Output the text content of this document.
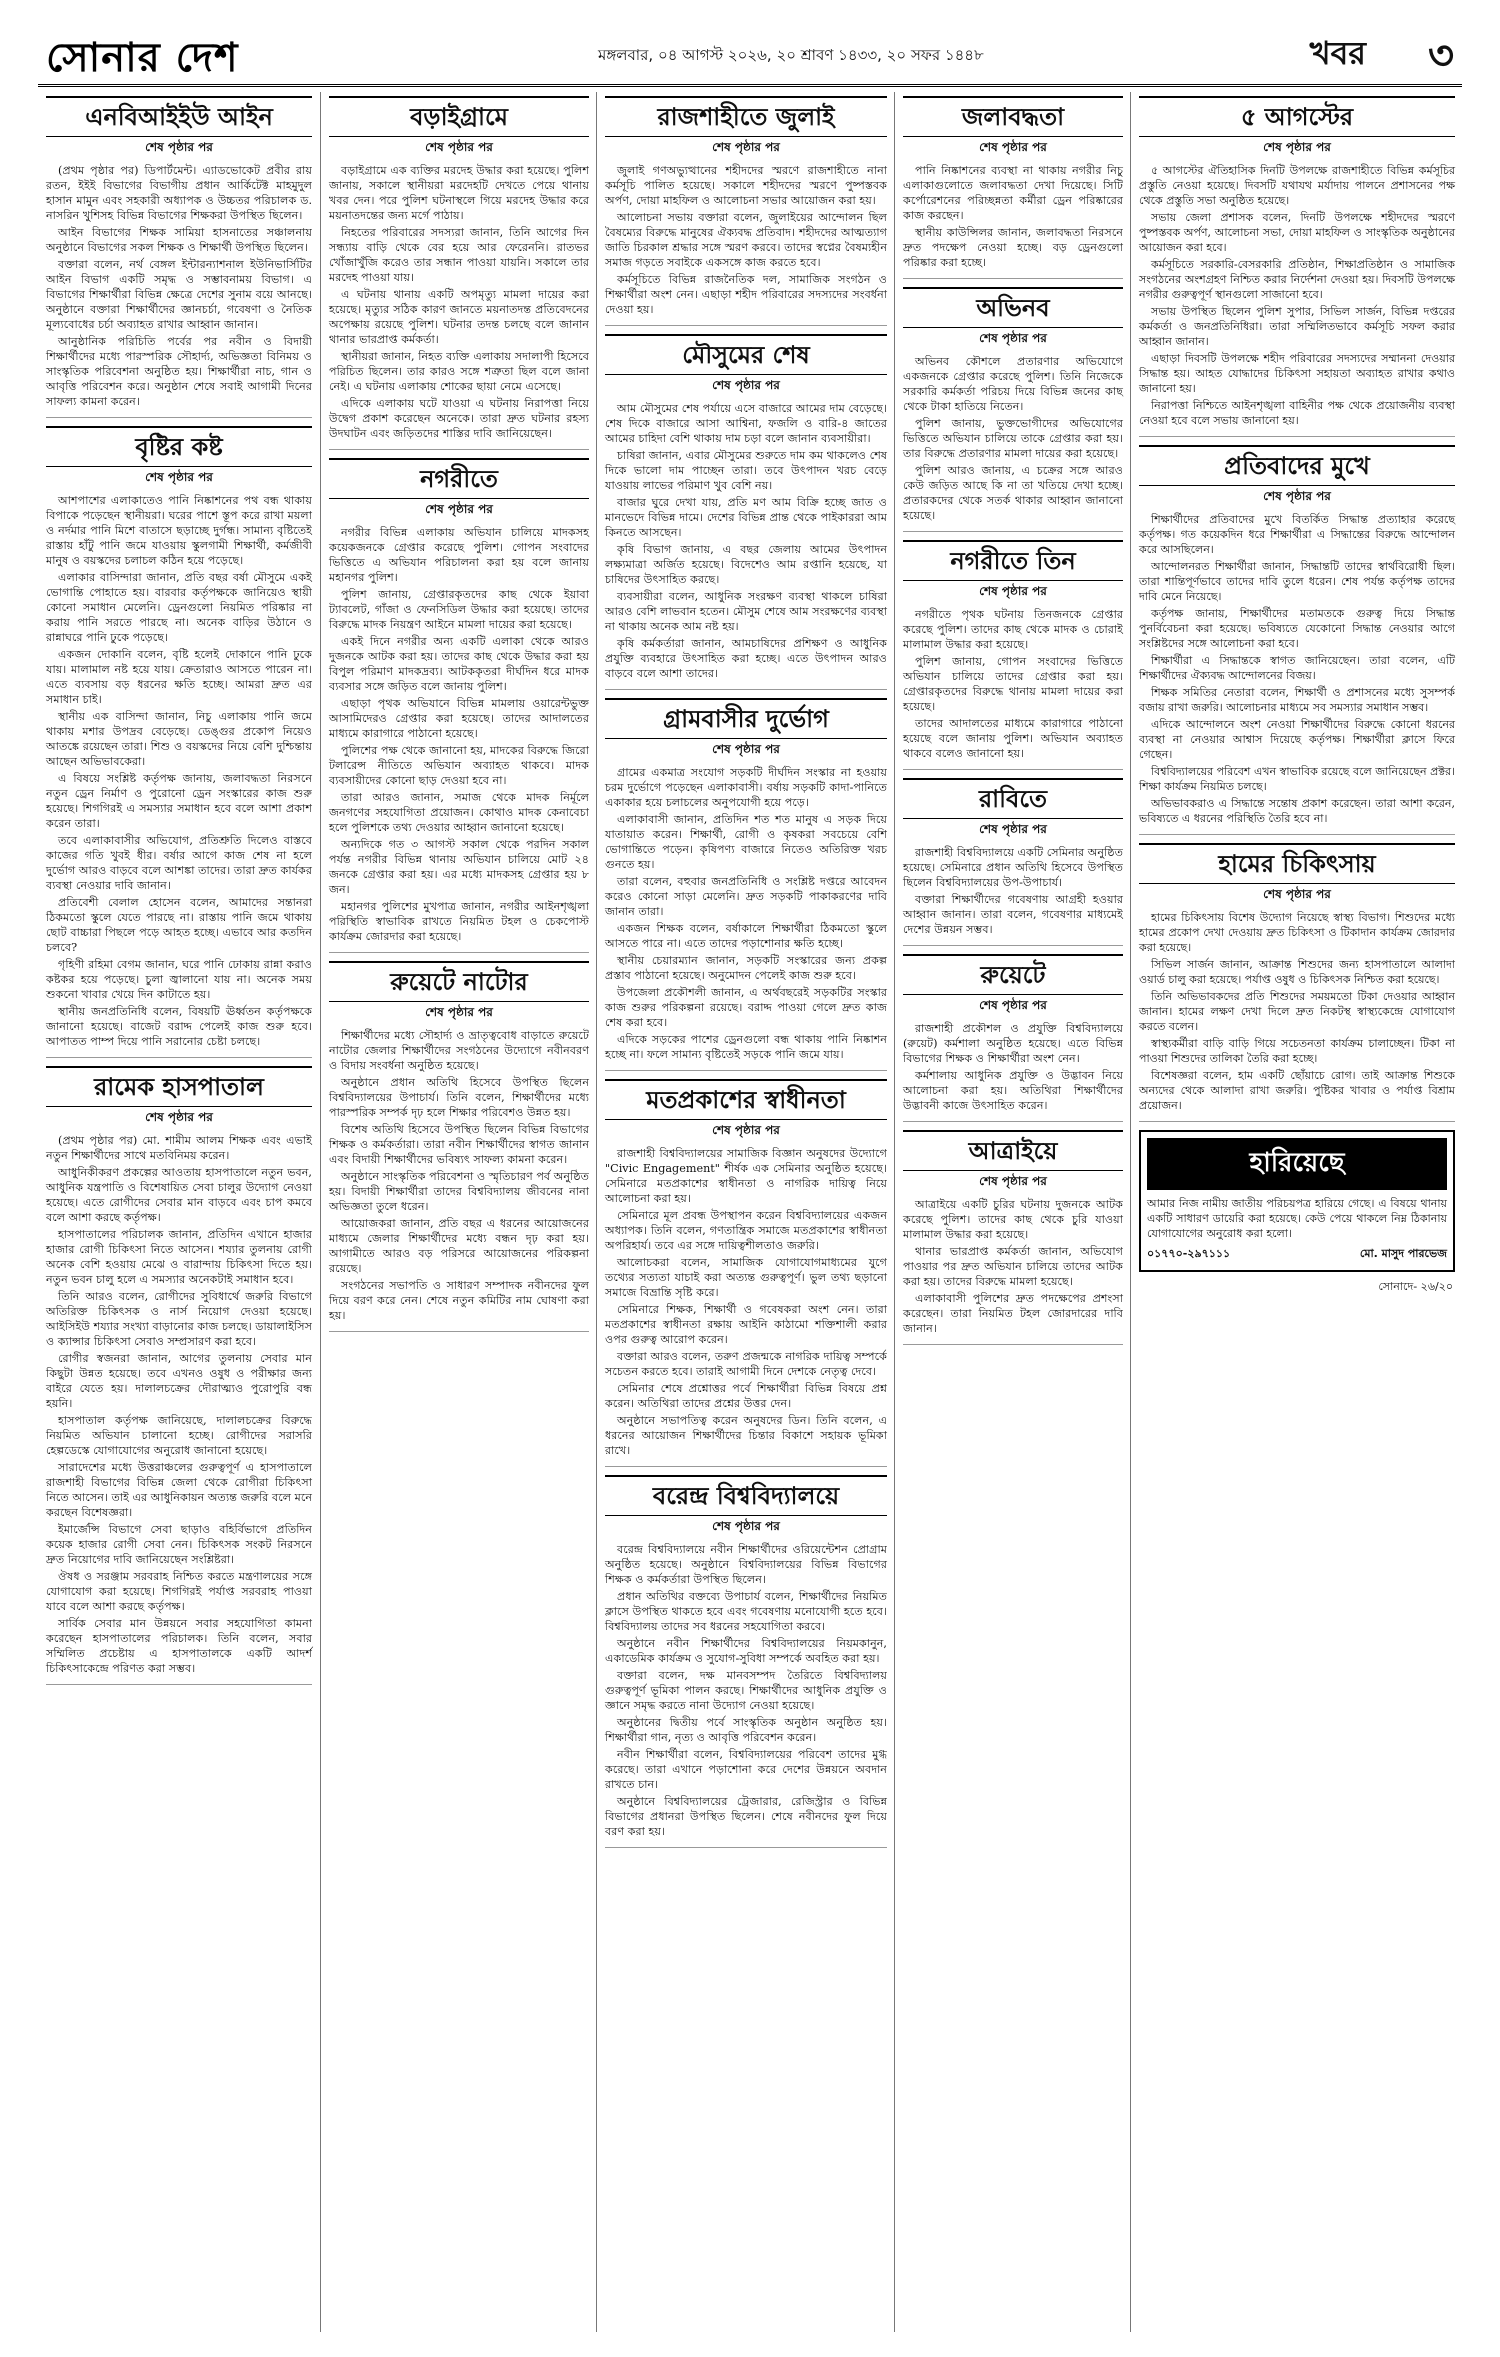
সোনার দেশ	মঙ্গলবার, ০৪ আগস্ট ২০২৬, ২০ শ্রাবণ ১৪৩৩, ২০ সফর ১৪৪৮	খবর ৩
এনবিআইইউ আইন
শেষ পৃষ্ঠার পর

(প্রথম পৃষ্ঠার পর) ডিপার্টমেন্ট। এ্যাডভোকেট প্রবীর রায় রতন, ইইই বিভাগের বিভাগীয় প্রধান আর্কিটেক্ট মাহমুদুল হাসান মামুন এবং সহকারী অধ্যাপক ও উচ্চতর পরিচালক ড. নাসরিন খুশিসহ বিভিন্ন বিভাগের শিক্ষকরা উপস্থিত ছিলেন।

আইন বিভাগের শিক্ষক সামিয়া হাসনাতের সঞ্চালনায় অনুষ্ঠানে বিভাগের সকল শিক্ষক ও শিক্ষার্থী উপস্থিত ছিলেন।

বক্তারা বলেন, নর্থ বেঙ্গল ইন্টারন্যাশনাল ইউনিভার্সিটির আইন বিভাগ একটি সমৃদ্ধ ও সম্ভাবনাময় বিভাগ। এ বিভাগের শিক্ষার্থীরা বিভিন্ন ক্ষেত্রে দেশের সুনাম বয়ে আনছে। অনুষ্ঠানে বক্তারা শিক্ষার্থীদের জ্ঞানচর্চা, গবেষণা ও নৈতিক মূল্যবোধের চর্চা অব্যাহত রাখার আহ্বান জানান।

আনুষ্ঠানিক পরিচিতি পর্বের পর নবীন ও বিদায়ী শিক্ষার্থীদের মধ্যে পারস্পরিক সৌহার্দ্য, অভিজ্ঞতা বিনিময় ও সাংস্কৃতিক পরিবেশনা অনুষ্ঠিত হয়। শিক্ষার্থীরা নাচ, গান ও আবৃত্তি পরিবেশন করে। অনুষ্ঠান শেষে সবাই আগামী দিনের সাফল্য কামনা করেন।

বৃষ্টির কষ্ট
শেষ পৃষ্ঠার পর

আশপাশের এলাকাতেও পানি নিষ্কাশনের পথ বন্ধ থাকায় বিপাকে পড়েছেন স্থানীয়রা। ঘরের পাশে স্তূপ করে রাখা ময়লা ও নর্দমার পানি মিশে বাতাসে ছড়াচ্ছে দুর্গন্ধ। সামান্য বৃষ্টিতেই রাস্তায় হাঁটু পানি জমে যাওয়ায় স্কুলগামী শিক্ষার্থী, কর্মজীবী মানুষ ও বয়স্কদের চলাচল কঠিন হয়ে পড়েছে।

এলাকার বাসিন্দারা জানান, প্রতি বছর বর্ষা মৌসুমে একই ভোগান্তি পোহাতে হয়। বারবার কর্তৃপক্ষকে জানিয়েও স্থায়ী কোনো সমাধান মেলেনি। ড্রেনগুলো নিয়মিত পরিষ্কার না করায় পানি সরতে পারছে না। অনেক বাড়ির উঠানে ও রান্নাঘরে পানি ঢুকে পড়েছে।

একজন দোকানি বলেন, বৃষ্টি হলেই দোকানে পানি ঢুকে যায়। মালামাল নষ্ট হয়ে যায়। ক্রেতারাও আসতে পারেন না। এতে ব্যবসায় বড় ধরনের ক্ষতি হচ্ছে। আমরা দ্রুত এর সমাধান চাই।

স্থানীয় এক বাসিন্দা জানান, নিচু এলাকায় পানি জমে থাকায় মশার উপদ্রব বেড়েছে। ডেঙ্গুর প্রকোপ নিয়েও আতঙ্কে রয়েছেন তারা। শিশু ও বয়স্কদের নিয়ে বেশি দুশ্চিন্তায় আছেন অভিভাবকেরা।

এ বিষয়ে সংশ্লিষ্ট কর্তৃপক্ষ জানায়, জলাবদ্ধতা নিরসনে নতুন ড্রেন নির্মাণ ও পুরোনো ড্রেন সংস্কারের কাজ শুরু হয়েছে। শিগগিরই এ সমস্যার সমাধান হবে বলে আশা প্রকাশ করেন তারা।

তবে এলাকাবাসীর অভিযোগ, প্রতিশ্রুতি দিলেও বাস্তবে কাজের গতি খুবই ধীর। বর্ষার আগে কাজ শেষ না হলে দুর্ভোগ আরও বাড়বে বলে আশঙ্কা তাদের। তারা দ্রুত কার্যকর ব্যবস্থা নেওয়ার দাবি জানান।

প্রতিবেশী বেলাল হোসেন বলেন, আমাদের সন্তানরা ঠিকমতো স্কুলে যেতে পারছে না। রাস্তায় পানি জমে থাকায় ছোট বাচ্চারা পিছলে পড়ে আহত হচ্ছে। এভাবে আর কতদিন চলবে?

গৃহিণী রহিমা বেগম জানান, ঘরে পানি ঢোকায় রান্না করাও কষ্টকর হয়ে পড়েছে। চুলা জ্বালানো যায় না। অনেক সময় শুকনো খাবার খেয়ে দিন কাটাতে হয়।

স্থানীয় জনপ্রতিনিধি বলেন, বিষয়টি ঊর্ধ্বতন কর্তৃপক্ষকে জানানো হয়েছে। বাজেট বরাদ্দ পেলেই কাজ শুরু হবে। আপাতত পাম্প দিয়ে পানি সরানোর চেষ্টা চলছে।

রামেক হাসপাতাল
শেষ পৃষ্ঠার পর

(প্রথম পৃষ্ঠার পর) মো. শামীম আলম শিক্ষক এবং এভাই নতুন শিক্ষার্থীদের সাথে মতবিনিময় করেন।

আধুনিকীকরণ প্রকল্পের আওতায় হাসপাতালে নতুন ভবন, আধুনিক যন্ত্রপাতি ও বিশেষায়িত সেবা চালুর উদ্যোগ নেওয়া হয়েছে। এতে রোগীদের সেবার মান বাড়বে এবং চাপ কমবে বলে আশা করছে কর্তৃপক্ষ।

হাসপাতালের পরিচালক জানান, প্রতিদিন এখানে হাজার হাজার রোগী চিকিৎসা নিতে আসেন। শয্যার তুলনায় রোগী অনেক বেশি হওয়ায় মেঝে ও বারান্দায় চিকিৎসা দিতে হয়। নতুন ভবন চালু হলে এ সমস্যার অনেকটাই সমাধান হবে।

তিনি আরও বলেন, রোগীদের সুবিধার্থে জরুরি বিভাগে অতিরিক্ত চিকিৎসক ও নার্স নিয়োগ দেওয়া হয়েছে। আইসিইউ শয্যার সংখ্যা বাড়ানোর কাজ চলছে। ডায়ালাইসিস ও ক্যান্সার চিকিৎসা সেবাও সম্প্রসারণ করা হবে।

রোগীর স্বজনরা জানান, আগের তুলনায় সেবার মান কিছুটা উন্নত হয়েছে। তবে এখনও ওষুধ ও পরীক্ষার জন্য বাইরে যেতে হয়। দালালচক্রের দৌরাত্ম্যও পুরোপুরি বন্ধ হয়নি।

হাসপাতাল কর্তৃপক্ষ জানিয়েছে, দালালচক্রের বিরুদ্ধে নিয়মিত অভিযান চালানো হচ্ছে। রোগীদের সরাসরি হেল্পডেস্কে যোগাযোগের অনুরোধ জানানো হয়েছে।

সারাদেশের মধ্যে উত্তরাঞ্চলের গুরুত্বপূর্ণ এ হাসপাতালে রাজশাহী বিভাগের বিভিন্ন জেলা থেকে রোগীরা চিকিৎসা নিতে আসেন। তাই এর আধুনিকায়ন অত্যন্ত জরুরি বলে মনে করছেন বিশেষজ্ঞরা।

ইমার্জেন্সি বিভাগে সেবা ছাড়াও বহির্বিভাগে প্রতিদিন কয়েক হাজার রোগী সেবা নেন। চিকিৎসক সংকট নিরসনে দ্রুত নিয়োগের দাবি জানিয়েছেন সংশ্লিষ্টরা।

ঔষধ ও সরঞ্জাম সরবরাহ নিশ্চিত করতে মন্ত্রণালয়ের সঙ্গে যোগাযোগ করা হয়েছে। শিগগিরই পর্যাপ্ত সরবরাহ পাওয়া যাবে বলে আশা করছে কর্তৃপক্ষ।

সার্বিক সেবার মান উন্নয়নে সবার সহযোগিতা কামনা করেছেন হাসপাতালের পরিচালক। তিনি বলেন, সবার সম্মিলিত প্রচেষ্টায় এ হাসপাতালকে একটি আদর্শ চিকিৎসাকেন্দ্রে পরিণত করা সম্ভব।

বড়াইগ্রামে
শেষ পৃষ্ঠার পর

বড়াইগ্রামে এক ব্যক্তির মরদেহ উদ্ধার করা হয়েছে। পুলিশ জানায়, সকালে স্থানীয়রা মরদেহটি দেখতে পেয়ে থানায় খবর দেন। পরে পুলিশ ঘটনাস্থলে গিয়ে মরদেহ উদ্ধার করে ময়নাতদন্তের জন্য মর্গে পাঠায়।

নিহতের পরিবারের সদস্যরা জানান, তিনি আগের দিন সন্ধ্যায় বাড়ি থেকে বের হয়ে আর ফেরেননি। রাতভর খোঁজাখুঁজি করেও তার সন্ধান পাওয়া যায়নি। সকালে তার মরদেহ পাওয়া যায়।

এ ঘটনায় থানায় একটি অপমৃত্যু মামলা দায়ের করা হয়েছে। মৃত্যুর সঠিক কারণ জানতে ময়নাতদন্ত প্রতিবেদনের অপেক্ষায় রয়েছে পুলিশ। ঘটনার তদন্ত চলছে বলে জানান থানার ভারপ্রাপ্ত কর্মকর্তা।

স্থানীয়রা জানান, নিহত ব্যক্তি এলাকায় সদালাপী হিসেবে পরিচিত ছিলেন। তার কারও সঙ্গে শত্রুতা ছিল বলে জানা নেই। এ ঘটনায় এলাকায় শোকের ছায়া নেমে এসেছে।

এদিকে এলাকায় ঘটে যাওয়া এ ঘটনায় নিরাপত্তা নিয়ে উদ্বেগ প্রকাশ করেছেন অনেকে। তারা দ্রুত ঘটনার রহস্য উদঘাটন এবং জড়িতদের শাস্তির দাবি জানিয়েছেন।

নগরীতে
শেষ পৃষ্ঠার পর

নগরীর বিভিন্ন এলাকায় অভিযান চালিয়ে মাদকসহ কয়েকজনকে গ্রেপ্তার করেছে পুলিশ। গোপন সংবাদের ভিত্তিতে এ অভিযান পরিচালনা করা হয় বলে জানায় মহানগর পুলিশ।

পুলিশ জানায়, গ্রেপ্তারকৃতদের কাছ থেকে ইয়াবা ট্যাবলেট, গাঁজা ও ফেনসিডিল উদ্ধার করা হয়েছে। তাদের বিরুদ্ধে মাদক নিয়ন্ত্রণ আইনে মামলা দায়ের করা হয়েছে।

একই দিনে নগরীর অন্য একটি এলাকা থেকে আরও দুজনকে আটক করা হয়। তাদের কাছ থেকে উদ্ধার করা হয় বিপুল পরিমাণ মাদকদ্রব্য। আটককৃতরা দীর্ঘদিন ধরে মাদক ব্যবসার সঙ্গে জড়িত বলে জানায় পুলিশ।

এছাড়া পৃথক অভিযানে বিভিন্ন মামলায় ওয়ারেন্টভুক্ত আসামিদেরও গ্রেপ্তার করা হয়েছে। তাদের আদালতের মাধ্যমে কারাগারে পাঠানো হয়েছে।

পুলিশের পক্ষ থেকে জানানো হয়, মাদকের বিরুদ্ধে জিরো টলারেন্স নীতিতে অভিযান অব্যাহত থাকবে। মাদক ব্যবসায়ীদের কোনো ছাড় দেওয়া হবে না।

তারা আরও জানান, সমাজ থেকে মাদক নির্মূলে জনগণের সহযোগিতা প্রয়োজন। কোথাও মাদক কেনাবেচা হলে পুলিশকে তথ্য দেওয়ার আহ্বান জানানো হয়েছে।

অন্যদিকে গত ৩ আগস্ট সকাল থেকে পরদিন সকাল পর্যন্ত নগরীর বিভিন্ন থানায় অভিযান চালিয়ে মোট ২৪ জনকে গ্রেপ্তার করা হয়। এর মধ্যে মাদকসহ গ্রেপ্তার হয় ৮ জন।

মহানগর পুলিশের মুখপাত্র জানান, নগরীর আইনশৃঙ্খলা পরিস্থিতি স্বাভাবিক রাখতে নিয়মিত টহল ও চেকপোস্ট কার্যক্রম জোরদার করা হয়েছে।

রুয়েটে নাটোর
শেষ পৃষ্ঠার পর

শিক্ষার্থীদের মধ্যে সৌহার্দ্য ও ভ্রাতৃত্ববোধ বাড়াতে রুয়েটে নাটোর জেলার শিক্ষার্থীদের সংগঠনের উদ্যোগে নবীনবরণ ও বিদায় সংবর্ধনা অনুষ্ঠিত হয়েছে।

অনুষ্ঠানে প্রধান অতিথি হিসেবে উপস্থিত ছিলেন বিশ্ববিদ্যালয়ের উপাচার্য। তিনি বলেন, শিক্ষার্থীদের মধ্যে পারস্পরিক সম্পর্ক দৃঢ় হলে শিক্ষার পরিবেশও উন্নত হয়।

বিশেষ অতিথি হিসেবে উপস্থিত ছিলেন বিভিন্ন বিভাগের শিক্ষক ও কর্মকর্তারা। তারা নবীন শিক্ষার্থীদের স্বাগত জানান এবং বিদায়ী শিক্ষার্থীদের ভবিষ্যৎ সাফল্য কামনা করেন।

অনুষ্ঠানে সাংস্কৃতিক পরিবেশনা ও স্মৃতিচারণ পর্ব অনুষ্ঠিত হয়। বিদায়ী শিক্ষার্থীরা তাদের বিশ্ববিদ্যালয় জীবনের নানা অভিজ্ঞতা তুলে ধরেন।

আয়োজকরা জানান, প্রতি বছর এ ধরনের আয়োজনের মাধ্যমে জেলার শিক্ষার্থীদের মধ্যে বন্ধন দৃঢ় করা হয়। আগামীতে আরও বড় পরিসরে আয়োজনের পরিকল্পনা রয়েছে।

সংগঠনের সভাপতি ও সাধারণ সম্পাদক নবীনদের ফুল দিয়ে বরণ করে নেন। শেষে নতুন কমিটির নাম ঘোষণা করা হয়।

রাজশাহীতে জুলাই
শেষ পৃষ্ঠার পর

জুলাই গণঅভ্যুত্থানের শহীদদের স্মরণে রাজশাহীতে নানা কর্মসূচি পালিত হয়েছে। সকালে শহীদদের স্মরণে পুষ্পস্তবক অর্পণ, দোয়া মাহফিল ও আলোচনা সভার আয়োজন করা হয়।

আলোচনা সভায় বক্তারা বলেন, জুলাইয়ের আন্দোলন ছিল বৈষম্যের বিরুদ্ধে মানুষের ঐক্যবদ্ধ প্রতিবাদ। শহীদদের আত্মত্যাগ জাতি চিরকাল শ্রদ্ধার সঙ্গে স্মরণ করবে। তাদের স্বপ্নের বৈষম্যহীন সমাজ গড়তে সবাইকে একসঙ্গে কাজ করতে হবে।

কর্মসূচিতে বিভিন্ন রাজনৈতিক দল, সামাজিক সংগঠন ও শিক্ষার্থীরা অংশ নেন। এছাড়া শহীদ পরিবারের সদস্যদের সংবর্ধনা দেওয়া হয়।

মৌসুমের শেষ
শেষ পৃষ্ঠার পর

আম মৌসুমের শেষ পর্যায়ে এসে বাজারে আমের দাম বেড়েছে। শেষ দিকে বাজারে আসা আশ্বিনা, ফজলি ও বারি-৪ জাতের আমের চাহিদা বেশি থাকায় দাম চড়া বলে জানান ব্যবসায়ীরা।

চাষিরা জানান, এবার মৌসুমের শুরুতে দাম কম থাকলেও শেষ দিকে ভালো দাম পাচ্ছেন তারা। তবে উৎপাদন খরচ বেড়ে যাওয়ায় লাভের পরিমাণ খুব বেশি নয়।

বাজার ঘুরে দেখা যায়, প্রতি মণ আম বিক্রি হচ্ছে জাত ও মানভেদে বিভিন্ন দামে। দেশের বিভিন্ন প্রান্ত থেকে পাইকাররা আম কিনতে আসছেন।

কৃষি বিভাগ জানায়, এ বছর জেলায় আমের উৎপাদন লক্ষ্যমাত্রা অর্জিত হয়েছে। বিদেশেও আম রপ্তানি হয়েছে, যা চাষিদের উৎসাহিত করছে।

ব্যবসায়ীরা বলেন, আধুনিক সংরক্ষণ ব্যবস্থা থাকলে চাষিরা আরও বেশি লাভবান হতেন। মৌসুম শেষে আম সংরক্ষণের ব্যবস্থা না থাকায় অনেক আম নষ্ট হয়।

কৃষি কর্মকর্তারা জানান, আমচাষিদের প্রশিক্ষণ ও আধুনিক প্রযুক্তি ব্যবহারে উৎসাহিত করা হচ্ছে। এতে উৎপাদন আরও বাড়বে বলে আশা তাদের।

গ্রামবাসীর দুর্ভোগ
শেষ পৃষ্ঠার পর

গ্রামের একমাত্র সংযোগ সড়কটি দীর্ঘদিন সংস্কার না হওয়ায় চরম দুর্ভোগে পড়েছেন এলাকাবাসী। বর্ষায় সড়কটি কাদা-পানিতে একাকার হয়ে চলাচলের অনুপযোগী হয়ে পড়ে।

এলাকাবাসী জানান, প্রতিদিন শত শত মানুষ এ সড়ক দিয়ে যাতায়াত করেন। শিক্ষার্থী, রোগী ও কৃষকরা সবচেয়ে বেশি ভোগান্তিতে পড়েন। কৃষিপণ্য বাজারে নিতেও অতিরিক্ত খরচ গুনতে হয়।

তারা বলেন, বহুবার জনপ্রতিনিধি ও সংশ্লিষ্ট দপ্তরে আবেদন করেও কোনো সাড়া মেলেনি। দ্রুত সড়কটি পাকাকরণের দাবি জানান তারা।

একজন শিক্ষক বলেন, বর্ষাকালে শিক্ষার্থীরা ঠিকমতো স্কুলে আসতে পারে না। এতে তাদের পড়াশোনার ক্ষতি হচ্ছে।

স্থানীয় চেয়ারম্যান জানান, সড়কটি সংস্কারের জন্য প্রকল্প প্রস্তাব পাঠানো হয়েছে। অনুমোদন পেলেই কাজ শুরু হবে।

উপজেলা প্রকৌশলী জানান, এ অর্থবছরেই সড়কটির সংস্কার কাজ শুরুর পরিকল্পনা রয়েছে। বরাদ্দ পাওয়া গেলে দ্রুত কাজ শেষ করা হবে।

এদিকে সড়কের পাশের ড্রেনগুলো বন্ধ থাকায় পানি নিষ্কাশন হচ্ছে না। ফলে সামান্য বৃষ্টিতেই সড়কে পানি জমে যায়।

মতপ্রকাশের স্বাধীনতা
শেষ পৃষ্ঠার পর

রাজশাহী বিশ্ববিদ্যালয়ের সামাজিক বিজ্ঞান অনুষদের উদ্যোগে "Civic Engagement" শীর্ষক এক সেমিনার অনুষ্ঠিত হয়েছে। সেমিনারে মতপ্রকাশের স্বাধীনতা ও নাগরিক দায়িত্ব নিয়ে আলোচনা করা হয়।

সেমিনারে মূল প্রবন্ধ উপস্থাপন করেন বিশ্ববিদ্যালয়ের একজন অধ্যাপক। তিনি বলেন, গণতান্ত্রিক সমাজে মতপ্রকাশের স্বাধীনতা অপরিহার্য। তবে এর সঙ্গে দায়িত্বশীলতাও জরুরি।

আলোচকরা বলেন, সামাজিক যোগাযোগমাধ্যমের যুগে তথ্যের সত্যতা যাচাই করা অত্যন্ত গুরুত্বপূর্ণ। ভুল তথ্য ছড়ানো সমাজে বিভ্রান্তি সৃষ্টি করে।

সেমিনারে শিক্ষক, শিক্ষার্থী ও গবেষকরা অংশ নেন। তারা মতপ্রকাশের স্বাধীনতা রক্ষায় আইনি কাঠামো শক্তিশালী করার ওপর গুরুত্ব আরোপ করেন।

বক্তারা আরও বলেন, তরুণ প্রজন্মকে নাগরিক দায়িত্ব সম্পর্কে সচেতন করতে হবে। তারাই আগামী দিনে দেশকে নেতৃত্ব দেবে।

সেমিনার শেষে প্রশ্নোত্তর পর্বে শিক্ষার্থীরা বিভিন্ন বিষয়ে প্রশ্ন করেন। অতিথিরা তাদের প্রশ্নের উত্তর দেন।

অনুষ্ঠানে সভাপতিত্ব করেন অনুষদের ডিন। তিনি বলেন, এ ধরনের আয়োজন শিক্ষার্থীদের চিন্তার বিকাশে সহায়ক ভূমিকা রাখে।

বরেন্দ্র বিশ্ববিদ্যালয়ে
শেষ পৃষ্ঠার পর

বরেন্দ্র বিশ্ববিদ্যালয়ে নবীন শিক্ষার্থীদের ওরিয়েন্টেশন প্রোগ্রাম অনুষ্ঠিত হয়েছে। অনুষ্ঠানে বিশ্ববিদ্যালয়ের বিভিন্ন বিভাগের শিক্ষক ও কর্মকর্তারা উপস্থিত ছিলেন।

প্রধান অতিথির বক্তব্যে উপাচার্য বলেন, শিক্ষার্থীদের নিয়মিত ক্লাসে উপস্থিত থাকতে হবে এবং গবেষণায় মনোযোগী হতে হবে। বিশ্ববিদ্যালয় তাদের সব ধরনের সহযোগিতা করবে।

অনুষ্ঠানে নবীন শিক্ষার্থীদের বিশ্ববিদ্যালয়ের নিয়মকানুন, একাডেমিক কার্যক্রম ও সুযোগ-সুবিধা সম্পর্কে অবহিত করা হয়।

বক্তারা বলেন, দক্ষ মানবসম্পদ তৈরিতে বিশ্ববিদ্যালয় গুরুত্বপূর্ণ ভূমিকা পালন করছে। শিক্ষার্থীদের আধুনিক প্রযুক্তি ও জ্ঞানে সমৃদ্ধ করতে নানা উদ্যোগ নেওয়া হয়েছে।

অনুষ্ঠানের দ্বিতীয় পর্বে সাংস্কৃতিক অনুষ্ঠান অনুষ্ঠিত হয়। শিক্ষার্থীরা গান, নৃত্য ও আবৃত্তি পরিবেশন করেন।

নবীন শিক্ষার্থীরা বলেন, বিশ্ববিদ্যালয়ের পরিবেশ তাদের মুগ্ধ করেছে। তারা এখানে পড়াশোনা করে দেশের উন্নয়নে অবদান রাখতে চান।

অনুষ্ঠানে বিশ্ববিদ্যালয়ের ট্রেজারার, রেজিস্ট্রার ও বিভিন্ন বিভাগের প্রধানরা উপস্থিত ছিলেন। শেষে নবীনদের ফুল দিয়ে বরণ করা হয়।

জলাবদ্ধতা
শেষ পৃষ্ঠার পর

পানি নিষ্কাশনের ব্যবস্থা না থাকায় নগরীর নিচু এলাকাগুলোতে জলাবদ্ধতা দেখা দিয়েছে। সিটি কর্পোরেশনের পরিচ্ছন্নতা কর্মীরা ড্রেন পরিষ্কারের কাজ করছেন।

স্থানীয় কাউন্সিলর জানান, জলাবদ্ধতা নিরসনে দ্রুত পদক্ষেপ নেওয়া হচ্ছে। বড় ড্রেনগুলো পরিষ্কার করা হচ্ছে।

অভিনব
শেষ পৃষ্ঠার পর

অভিনব কৌশলে প্রতারণার অভিযোগে একজনকে গ্রেপ্তার করেছে পুলিশ। তিনি নিজেকে সরকারি কর্মকর্তা পরিচয় দিয়ে বিভিন্ন জনের কাছ থেকে টাকা হাতিয়ে নিতেন।

পুলিশ জানায়, ভুক্তভোগীদের অভিযোগের ভিত্তিতে অভিযান চালিয়ে তাকে গ্রেপ্তার করা হয়। তার বিরুদ্ধে প্রতারণার মামলা দায়ের করা হয়েছে।

পুলিশ আরও জানায়, এ চক্রের সঙ্গে আরও কেউ জড়িত আছে কি না তা খতিয়ে দেখা হচ্ছে। প্রতারকদের থেকে সতর্ক থাকার আহ্বান জানানো হয়েছে।

নগরীতে তিন
শেষ পৃষ্ঠার পর

নগরীতে পৃথক ঘটনায় তিনজনকে গ্রেপ্তার করেছে পুলিশ। তাদের কাছ থেকে মাদক ও চোরাই মালামাল উদ্ধার করা হয়েছে।

পুলিশ জানায়, গোপন সংবাদের ভিত্তিতে অভিযান চালিয়ে তাদের গ্রেপ্তার করা হয়। গ্রেপ্তারকৃতদের বিরুদ্ধে থানায় মামলা দায়ের করা হয়েছে।

তাদের আদালতের মাধ্যমে কারাগারে পাঠানো হয়েছে বলে জানায় পুলিশ। অভিযান অব্যাহত থাকবে বলেও জানানো হয়।

রাবিতে
শেষ পৃষ্ঠার পর

রাজশাহী বিশ্ববিদ্যালয়ে একটি সেমিনার অনুষ্ঠিত হয়েছে। সেমিনারে প্রধান অতিথি হিসেবে উপস্থিত ছিলেন বিশ্ববিদ্যালয়ের উপ-উপাচার্য।

বক্তারা শিক্ষার্থীদের গবেষণায় আগ্রহী হওয়ার আহ্বান জানান। তারা বলেন, গবেষণার মাধ্যমেই দেশের উন্নয়ন সম্ভব।

রুয়েটে
শেষ পৃষ্ঠার পর

রাজশাহী প্রকৌশল ও প্রযুক্তি বিশ্ববিদ্যালয়ে (রুয়েট) কর্মশালা অনুষ্ঠিত হয়েছে। এতে বিভিন্ন বিভাগের শিক্ষক ও শিক্ষার্থীরা অংশ নেন।

কর্মশালায় আধুনিক প্রযুক্তি ও উদ্ভাবন নিয়ে আলোচনা করা হয়। অতিথিরা শিক্ষার্থীদের উদ্ভাবনী কাজে উৎসাহিত করেন।

আত্রাইয়ে
শেষ পৃষ্ঠার পর

আত্রাইয়ে একটি চুরির ঘটনায় দুজনকে আটক করেছে পুলিশ। তাদের কাছ থেকে চুরি যাওয়া মালামাল উদ্ধার করা হয়েছে।

থানার ভারপ্রাপ্ত কর্মকর্তা জানান, অভিযোগ পাওয়ার পর দ্রুত অভিযান চালিয়ে তাদের আটক করা হয়। তাদের বিরুদ্ধে মামলা হয়েছে।

এলাকাবাসী পুলিশের দ্রুত পদক্ষেপের প্রশংসা করেছেন। তারা নিয়মিত টহল জোরদারের দাবি জানান।

৫ আগস্টের
শেষ পৃষ্ঠার পর

৫ আগস্টের ঐতিহাসিক দিনটি উপলক্ষে রাজশাহীতে বিভিন্ন কর্মসূচির প্রস্তুতি নেওয়া হয়েছে। দিবসটি যথাযথ মর্যাদায় পালনে প্রশাসনের পক্ষ থেকে প্রস্তুতি সভা অনুষ্ঠিত হয়েছে।

সভায় জেলা প্রশাসক বলেন, দিনটি উপলক্ষে শহীদদের স্মরণে পুষ্পস্তবক অর্পণ, আলোচনা সভা, দোয়া মাহফিল ও সাংস্কৃতিক অনুষ্ঠানের আয়োজন করা হবে।

কর্মসূচিতে সরকারি-বেসরকারি প্রতিষ্ঠান, শিক্ষাপ্রতিষ্ঠান ও সামাজিক সংগঠনের অংশগ্রহণ নিশ্চিত করার নির্দেশনা দেওয়া হয়। দিবসটি উপলক্ষে নগরীর গুরুত্বপূর্ণ স্থানগুলো সাজানো হবে।

সভায় উপস্থিত ছিলেন পুলিশ সুপার, সিভিল সার্জন, বিভিন্ন দপ্তরের কর্মকর্তা ও জনপ্রতিনিধিরা। তারা সম্মিলিতভাবে কর্মসূচি সফল করার আহ্বান জানান।

এছাড়া দিবসটি উপলক্ষে শহীদ পরিবারের সদস্যদের সম্মাননা দেওয়ার সিদ্ধান্ত হয়। আহত যোদ্ধাদের চিকিৎসা সহায়তা অব্যাহত রাখার কথাও জানানো হয়।

নিরাপত্তা নিশ্চিতে আইনশৃঙ্খলা বাহিনীর পক্ষ থেকে প্রয়োজনীয় ব্যবস্থা নেওয়া হবে বলে সভায় জানানো হয়।

প্রতিবাদের মুখে
শেষ পৃষ্ঠার পর

শিক্ষার্থীদের প্রতিবাদের মুখে বিতর্কিত সিদ্ধান্ত প্রত্যাহার করেছে কর্তৃপক্ষ। গত কয়েকদিন ধরে শিক্ষার্থীরা এ সিদ্ধান্তের বিরুদ্ধে আন্দোলন করে আসছিলেন।

আন্দোলনরত শিক্ষার্থীরা জানান, সিদ্ধান্তটি তাদের স্বার্থবিরোধী ছিল। তারা শান্তিপূর্ণভাবে তাদের দাবি তুলে ধরেন। শেষ পর্যন্ত কর্তৃপক্ষ তাদের দাবি মেনে নিয়েছে।

কর্তৃপক্ষ জানায়, শিক্ষার্থীদের মতামতকে গুরুত্ব দিয়ে সিদ্ধান্ত পুনর্বিবেচনা করা হয়েছে। ভবিষ্যতে যেকোনো সিদ্ধান্ত নেওয়ার আগে সংশ্লিষ্টদের সঙ্গে আলোচনা করা হবে।

শিক্ষার্থীরা এ সিদ্ধান্তকে স্বাগত জানিয়েছেন। তারা বলেন, এটি শিক্ষার্থীদের ঐক্যবদ্ধ আন্দোলনের বিজয়।

শিক্ষক সমিতির নেতারা বলেন, শিক্ষার্থী ও প্রশাসনের মধ্যে সুসম্পর্ক বজায় রাখা জরুরি। আলোচনার মাধ্যমে সব সমস্যার সমাধান সম্ভব।

এদিকে আন্দোলনে অংশ নেওয়া শিক্ষার্থীদের বিরুদ্ধে কোনো ধরনের ব্যবস্থা না নেওয়ার আশ্বাস দিয়েছে কর্তৃপক্ষ। শিক্ষার্থীরা ক্লাসে ফিরে গেছেন।

বিশ্ববিদ্যালয়ের পরিবেশ এখন স্বাভাবিক রয়েছে বলে জানিয়েছেন প্রক্টর। শিক্ষা কার্যক্রম নিয়মিত চলছে।

অভিভাবকরাও এ সিদ্ধান্তে সন্তোষ প্রকাশ করেছেন। তারা আশা করেন, ভবিষ্যতে এ ধরনের পরিস্থিতি তৈরি হবে না।

হামের চিকিৎসায়
শেষ পৃষ্ঠার পর

হামের চিকিৎসায় বিশেষ উদ্যোগ নিয়েছে স্বাস্থ্য বিভাগ। শিশুদের মধ্যে হামের প্রকোপ দেখা দেওয়ায় দ্রুত চিকিৎসা ও টিকাদান কার্যক্রম জোরদার করা হয়েছে।

সিভিল সার্জন জানান, আক্রান্ত শিশুদের জন্য হাসপাতালে আলাদা ওয়ার্ড চালু করা হয়েছে। পর্যাপ্ত ওষুধ ও চিকিৎসক নিশ্চিত করা হয়েছে।

তিনি অভিভাবকদের প্রতি শিশুদের সময়মতো টিকা দেওয়ার আহ্বান জানান। হামের লক্ষণ দেখা দিলে দ্রুত নিকটস্থ স্বাস্থ্যকেন্দ্রে যোগাযোগ করতে বলেন।

স্বাস্থ্যকর্মীরা বাড়ি বাড়ি গিয়ে সচেতনতা কার্যক্রম চালাচ্ছেন। টিকা না পাওয়া শিশুদের তালিকা তৈরি করা হচ্ছে।

বিশেষজ্ঞরা বলেন, হাম একটি ছোঁয়াচে রোগ। তাই আক্রান্ত শিশুকে অন্যদের থেকে আলাদা রাখা জরুরি। পুষ্টিকর খাবার ও পর্যাপ্ত বিশ্রাম প্রয়োজন।

হারিয়েছে
আমার নিজ নামীয় জাতীয় পরিচয়পত্র হারিয়ে গেছে। এ বিষয়ে থানায় একটি সাধারণ ডায়েরি করা হয়েছে। কেউ পেয়ে থাকলে নিম্ন ঠিকানায় যোগাযোগের অনুরোধ করা হলো।
০১৭৭০-২৯৭১১১	মো. মাসুদ পারভেজ
সোনাদে- ২৬/২০
